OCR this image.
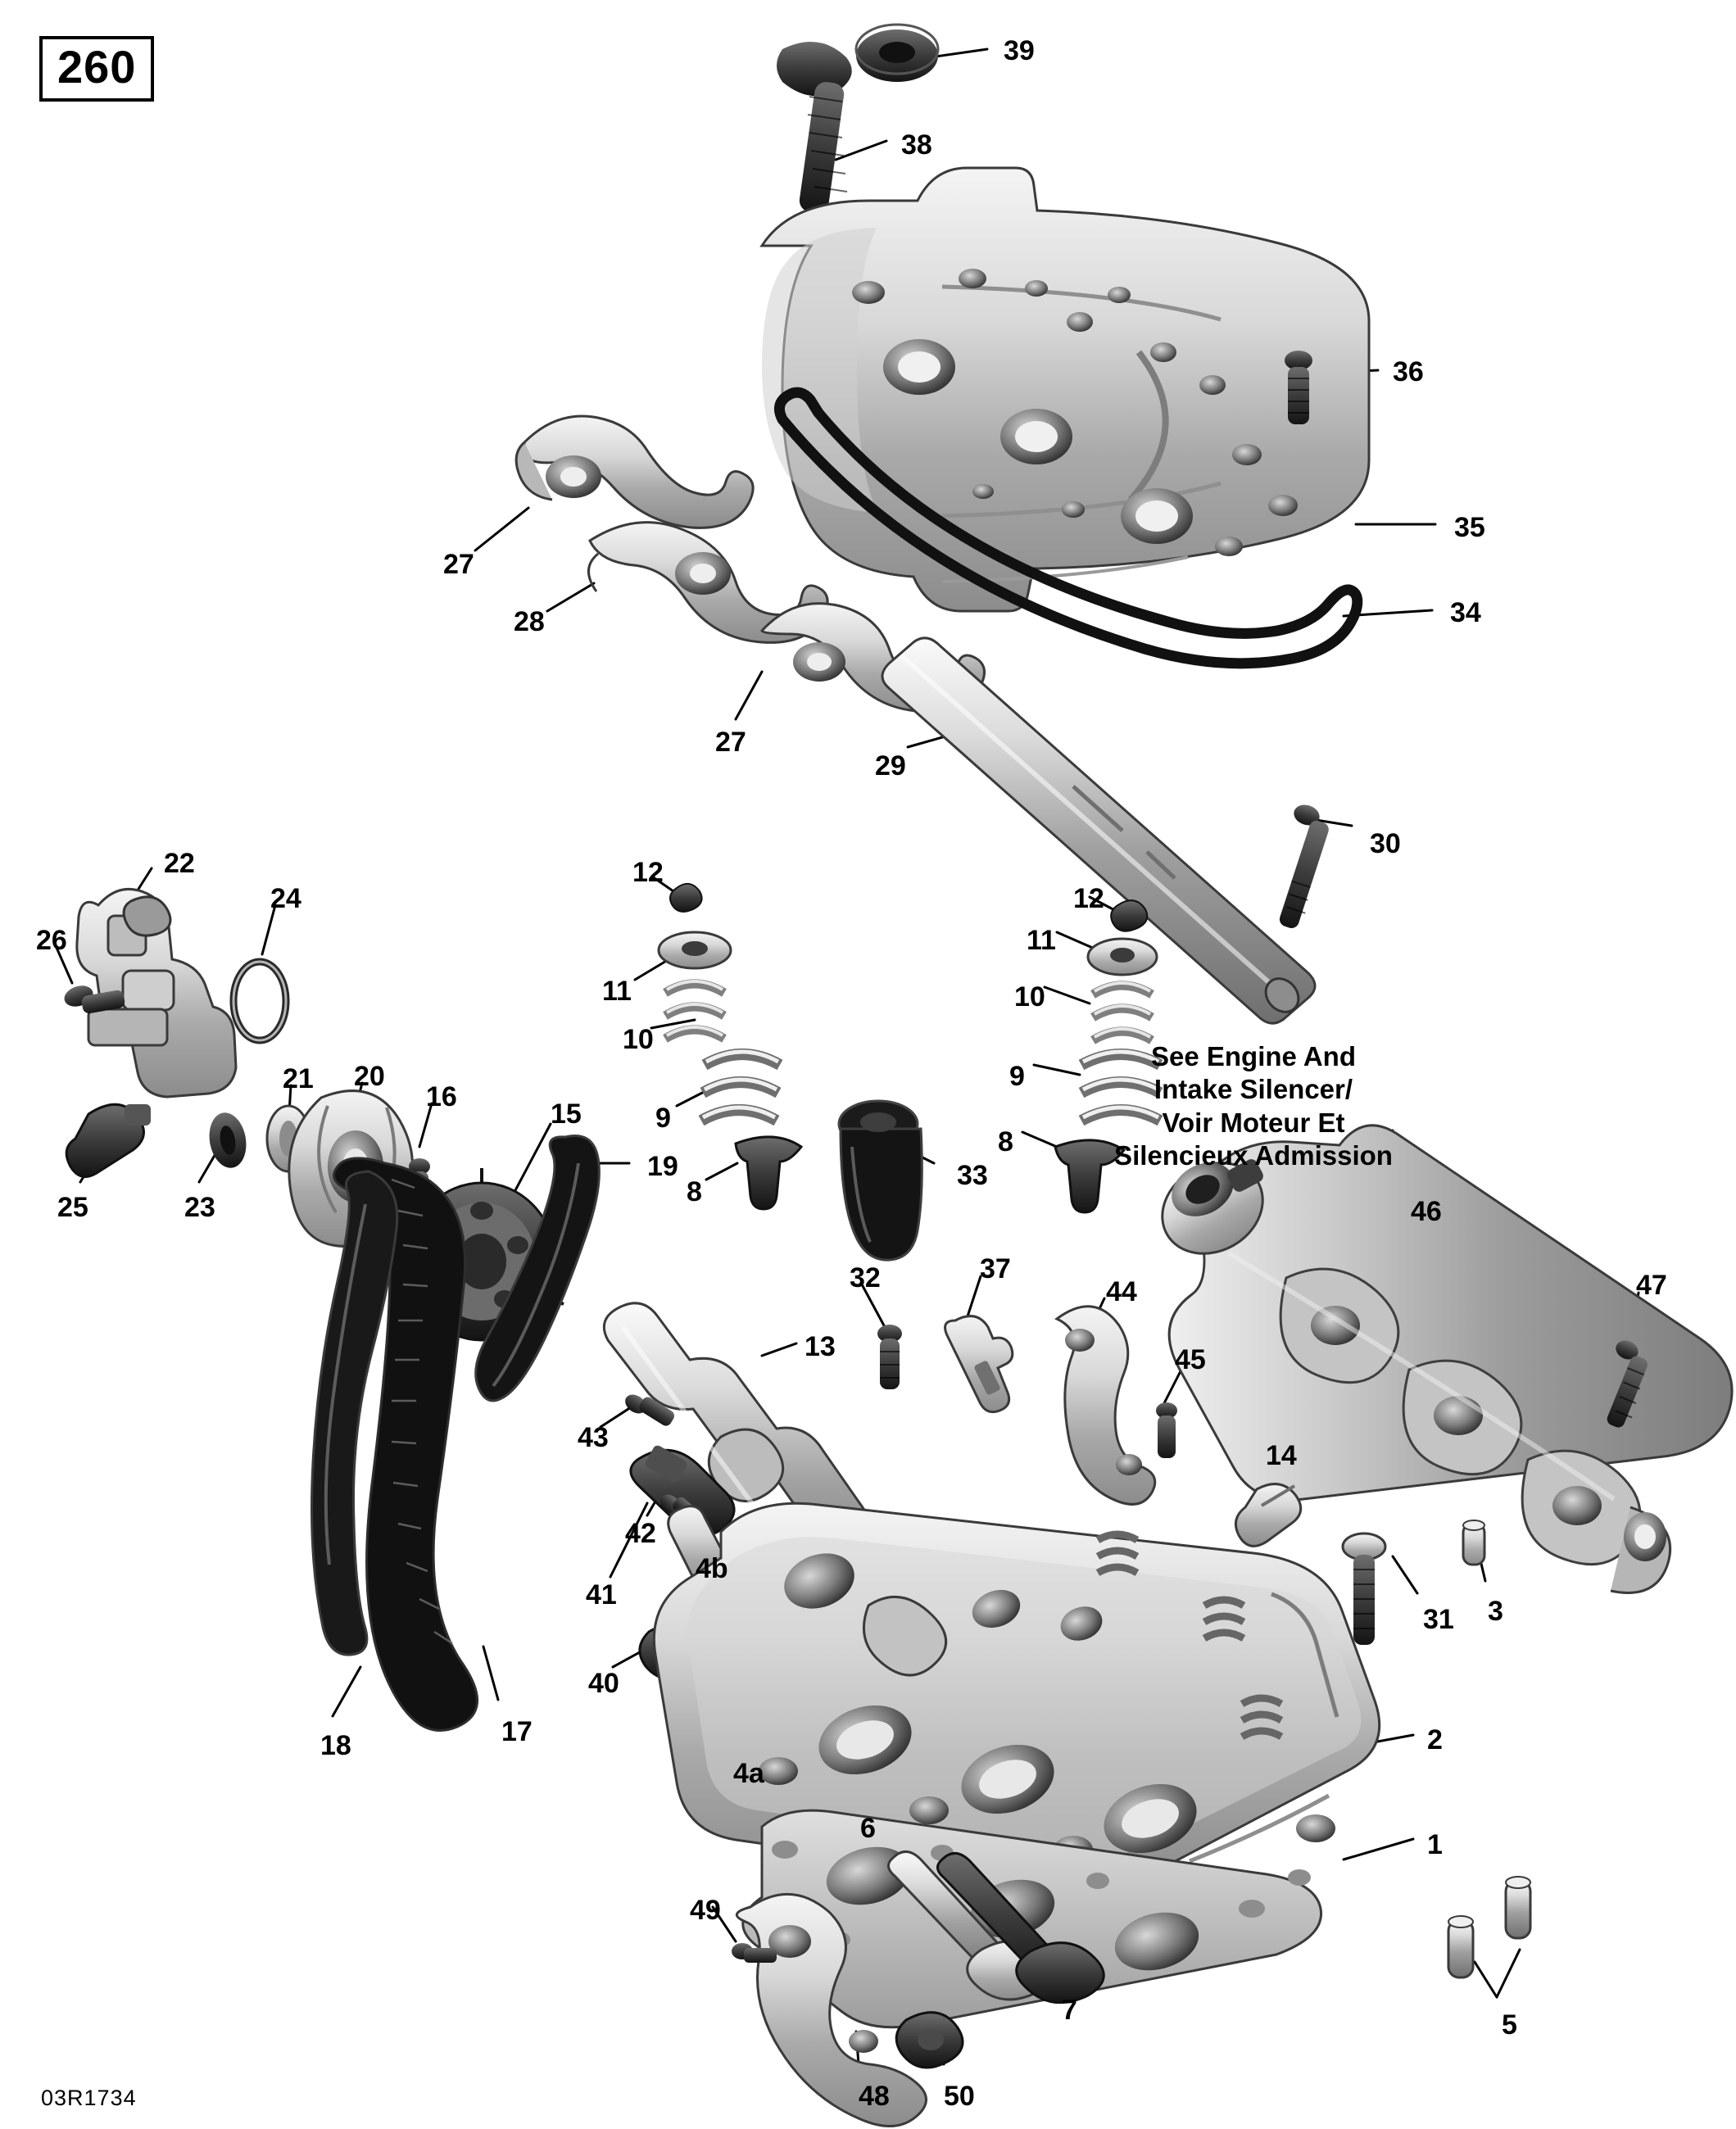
260	39
38
36
35
34
27
28
27
29
30
22
24
26
12
11
10
9
8
12
11
10
9
8
33
21 20
16
25	23
15
19
46
47
32	37
44
45
13
14
43
42
41
4b
40
31 3
18	17
4a
2
1
6
49
5
7
48 50
See Engine And
Intake Silencer/
Voir Moteur Et
Silencieux Admission
03R1734
